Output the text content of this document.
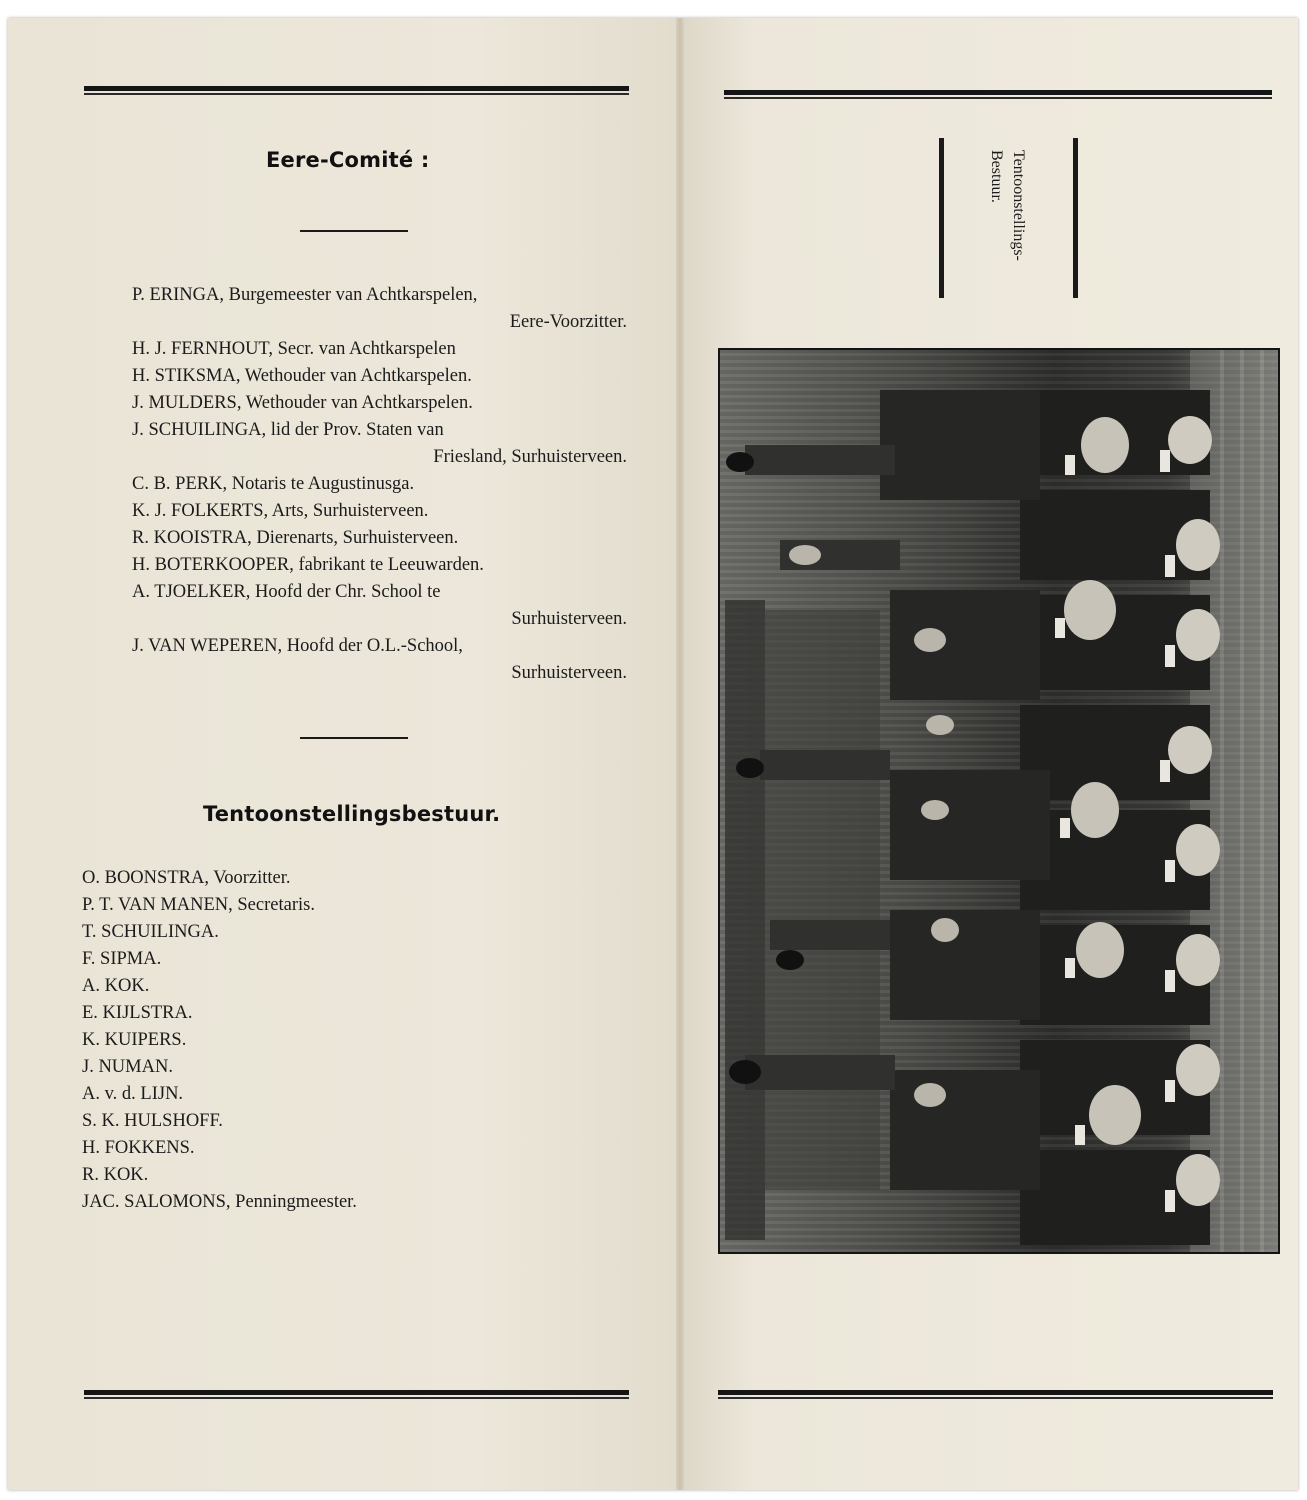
Eere-Comité :
P. ERINGA, Burgemeester van Achtkarspelen,
Eere-Voorzitter.
H. J. FERNHOUT, Secr. van Achtkarspelen
H. STIKSMA, Wethouder van Achtkarspelen.
J. MULDERS, Wethouder van Achtkarspelen.
J. SCHUILINGA, lid der Prov. Staten van
Friesland, Surhuisterveen.
C. B. PERK, Notaris te Augustinusga.
K. J. FOLKERTS, Arts, Surhuisterveen.
R. KOOISTRA, Dierenarts, Surhuisterveen.
H. BOTERKOOPER, fabrikant te Leeuwarden.
A. TJOELKER, Hoofd der Chr. School te
Surhuisterveen.
J. VAN WEPEREN, Hoofd der O.L.-School,
Surhuisterveen.
Tentoonstellingsbestuur.
O. BOONSTRA, Voorzitter.
P. T. VAN MANEN, Secretaris.
T. SCHUILINGA.
F. SIPMA.
A. KOK.
E. KIJLSTRA.
K. KUIPERS.
J. NUMAN.
A. v. d. LIJN.
S. K. HULSHOFF.
H. FOKKENS.
R. KOK.
JAC. SALOMONS, Penningmeester.
Tentoonstellings-
Bestuur.
